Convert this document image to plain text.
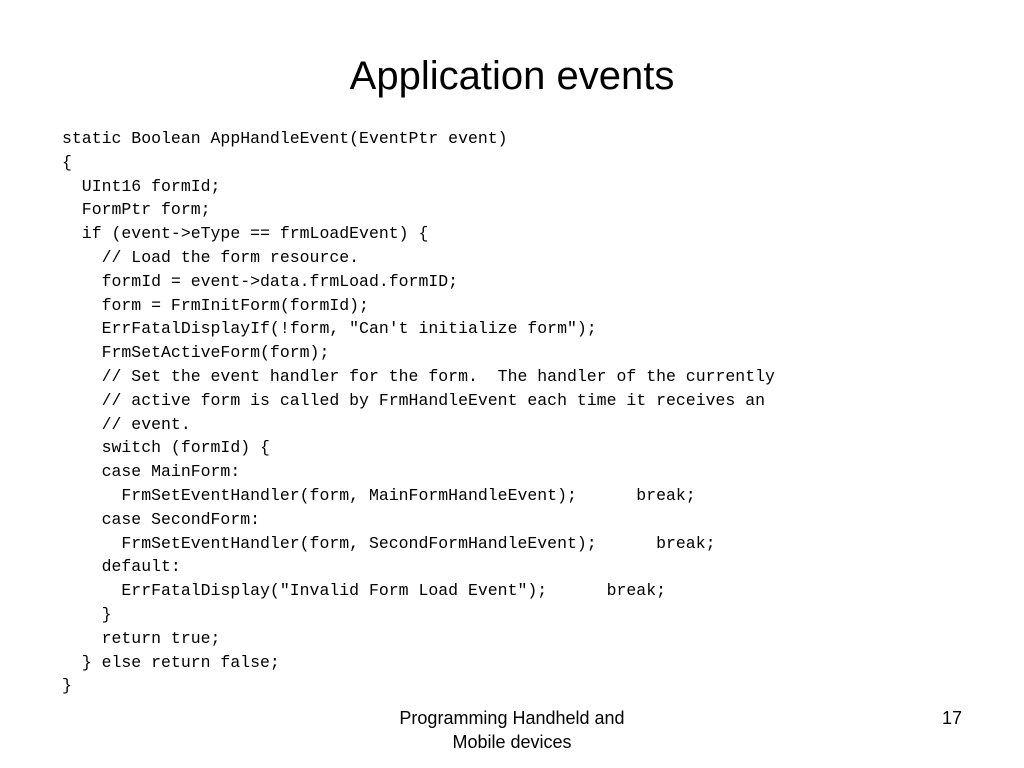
Application events
static Boolean AppHandleEvent(EventPtr event)
{
UInt16 formId;
FormPtr form;
if (event->eType == frmLoadEvent) {
// Load the form resource.
formId = event->data.frmLoad.formID;
form = FrmInitForm(formId);
ErrFatalDisplayIf(!form, "Can't initialize form");
FrmSetActiveForm(form);
// Set the event handler for the form.  The handler of the currently
// active form is called by FrmHandleEvent each time it receives an
// event.
switch (formId) {
case MainForm:
FrmSetEventHandler(form, MainFormHandleEvent);      break;
case SecondForm:
FrmSetEventHandler(form, SecondFormHandleEvent);      break;
default:
ErrFatalDisplay("Invalid Form Load Event");      break;
}
return true;
} else return false;
}
Programming Handheld and
Mobile devices
17
